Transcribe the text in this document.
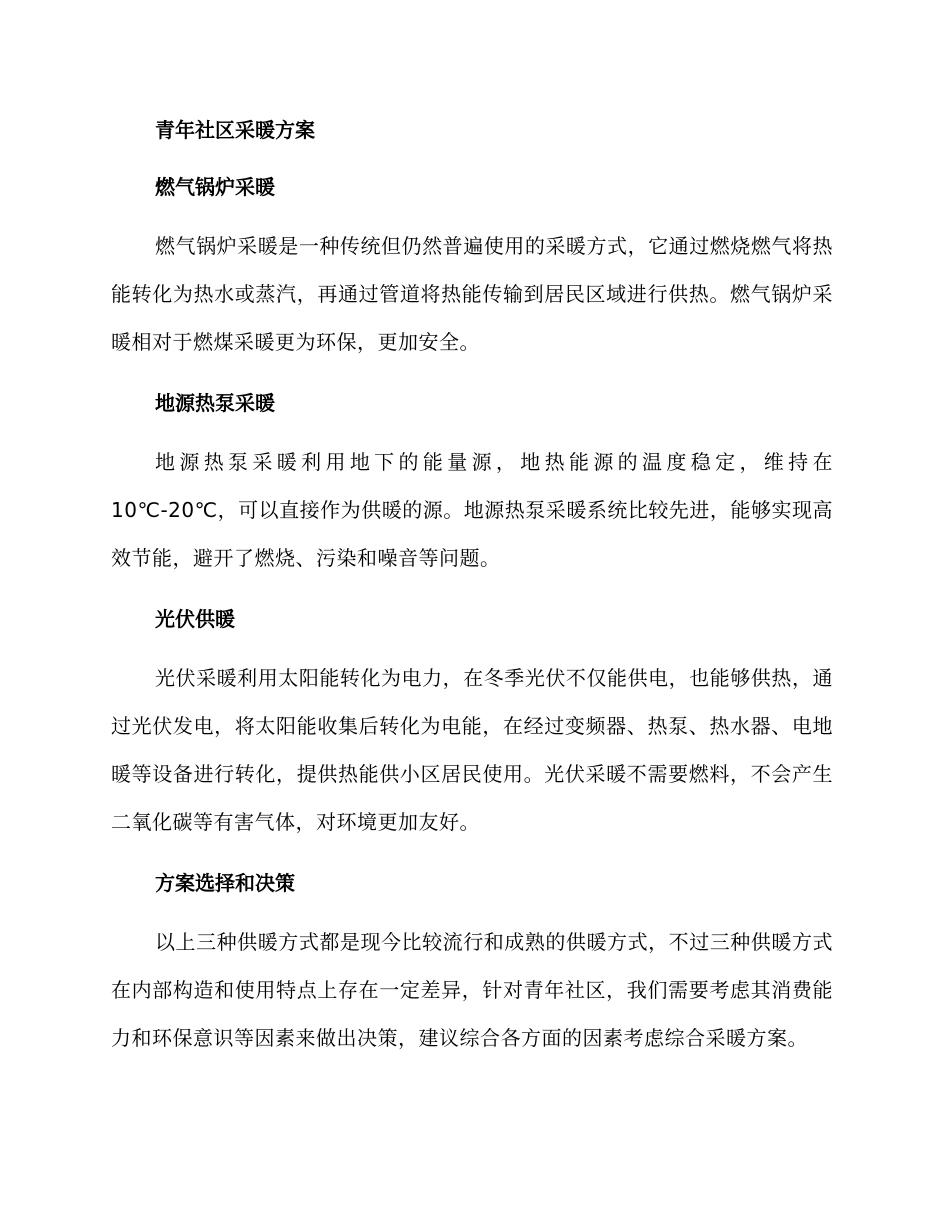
青年社区采暖方案
燃气锅炉采暖

燃气锅炉采暖是一种传统但仍然普遍使用的采暖方式，它通过燃烧燃气将热能转化为热水或蒸汽，再通过管道将热能传输到居民区域进行供热。燃气锅炉采暖相对于燃煤采暖更为环保，更加安全。

地源热泵采暖

地源热泵采暖利用地下的能量源，地热能源的温度稳定，维持在 10℃-20℃，可以直接作为供暖的源。地源热泵采暖系统比较先进，能够实现高效节能，避开了燃烧、污染和噪音等问题。

光伏供暖

光伏采暖利用太阳能转化为电力，在冬季光伏不仅能供电，也能够供热，通过光伏发电，将太阳能收集后转化为电能，在经过变频器、热泵、热水器、电地暖等设备进行转化，提供热能供小区居民使用。光伏采暖不需要燃料，不会产生二氧化碳等有害气体，对环境更加友好。

方案选择和决策

以上三种供暖方式都是现今比较流行和成熟的供暖方式，不过三种供暖方式在内部构造和使用特点上存在一定差异，针对青年社区，我们需要考虑其消费能力和环保意识等因素来做出决策，建议综合各方面的因素考虑综合采暖方案。
